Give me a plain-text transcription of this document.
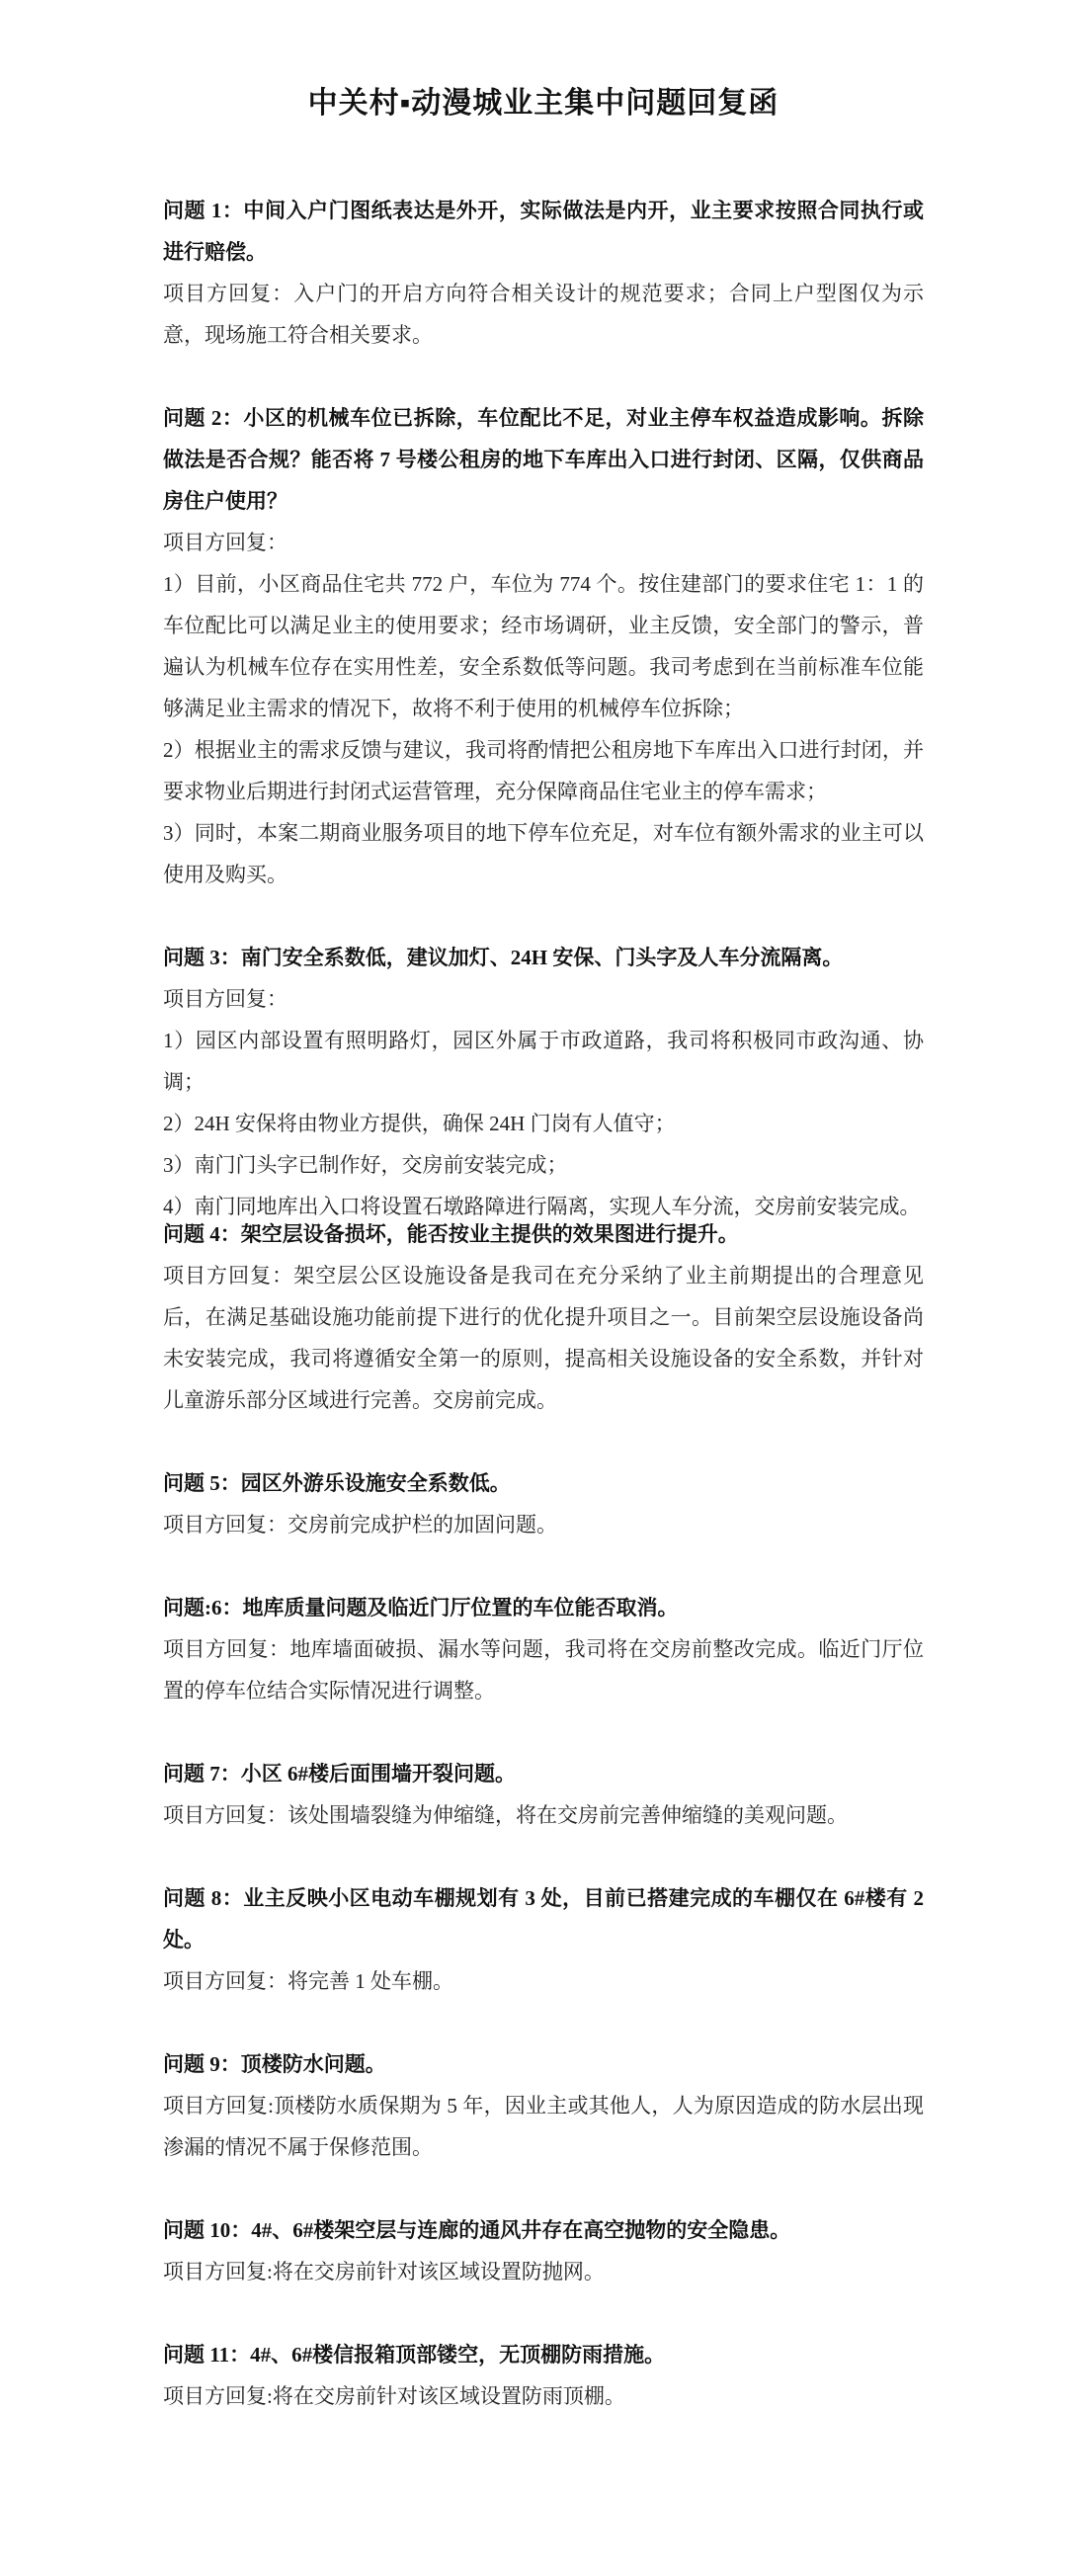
中关村▪动漫城业主集中问题回复函

问题 1：中间入户门图纸表达是外开，实际做法是内开，业主要求按照合同执行或进行赔偿。

项目方回复：入户门的开启方向符合相关设计的规范要求；合同上户型图仅为示意，现场施工符合相关要求。

问题 2：小区的机械车位已拆除，车位配比不足，对业主停车权益造成影响。拆除做法是否合规？能否将 7 号楼公租房的地下车库出入口进行封闭、区隔，仅供商品房住户使用？

项目方回复：

1）目前，小区商品住宅共 772 户，车位为 774 个。按住建部门的要求住宅 1：1 的车位配比可以满足业主的使用要求；经市场调研，业主反馈，安全部门的警示，普遍认为机械车位存在实用性差，安全系数低等问题。我司考虑到在当前标准车位能够满足业主需求的情况下，故将不利于使用的机械停车位拆除；

2）根据业主的需求反馈与建议，我司将酌情把公租房地下车库出入口进行封闭，并要求物业后期进行封闭式运营管理，充分保障商品住宅业主的停车需求；

3）同时，本案二期商业服务项目的地下停车位充足，对车位有额外需求的业主可以使用及购买。

问题 3：南门安全系数低，建议加灯、24H 安保、门头字及人车分流隔离。

项目方回复：

1）园区内部设置有照明路灯，园区外属于市政道路，我司将积极同市政沟通、协调；

2）24H 安保将由物业方提供，确保 24H 门岗有人值守；

3）南门门头字已制作好，交房前安装完成；

4）南门同地库出入口将设置石墩路障进行隔离，实现人车分流，交房前安装完成。

问题 4：架空层设备损坏，能否按业主提供的效果图进行提升。

项目方回复：架空层公区设施设备是我司在充分采纳了业主前期提出的合理意见后，在满足基础设施功能前提下进行的优化提升项目之一。目前架空层设施设备尚未安装完成，我司将遵循安全第一的原则，提高相关设施设备的安全系数，并针对儿童游乐部分区域进行完善。交房前完成。

问题 5：园区外游乐设施安全系数低。

项目方回复：交房前完成护栏的加固问题。

问题:6：地库质量问题及临近门厅位置的车位能否取消。

项目方回复：地库墙面破损、漏水等问题，我司将在交房前整改完成。临近门厅位置的停车位结合实际情况进行调整。

问题 7：小区 6#楼后面围墙开裂问题。

项目方回复：该处围墙裂缝为伸缩缝，将在交房前完善伸缩缝的美观问题。

问题 8：业主反映小区电动车棚规划有 3 处，目前已搭建完成的车棚仅在 6#楼有 2 处。

项目方回复：将完善 1 处车棚。

问题 9：顶楼防水问题。

项目方回复:顶楼防水质保期为 5 年，因业主或其他人，人为原因造成的防水层出现渗漏的情况不属于保修范围。

问题 10：4#、6#楼架空层与连廊的通风井存在高空抛物的安全隐患。

项目方回复:将在交房前针对该区域设置防抛网。

问题 11：4#、6#楼信报箱顶部镂空，无顶棚防雨措施。

项目方回复:将在交房前针对该区域设置防雨顶棚。
